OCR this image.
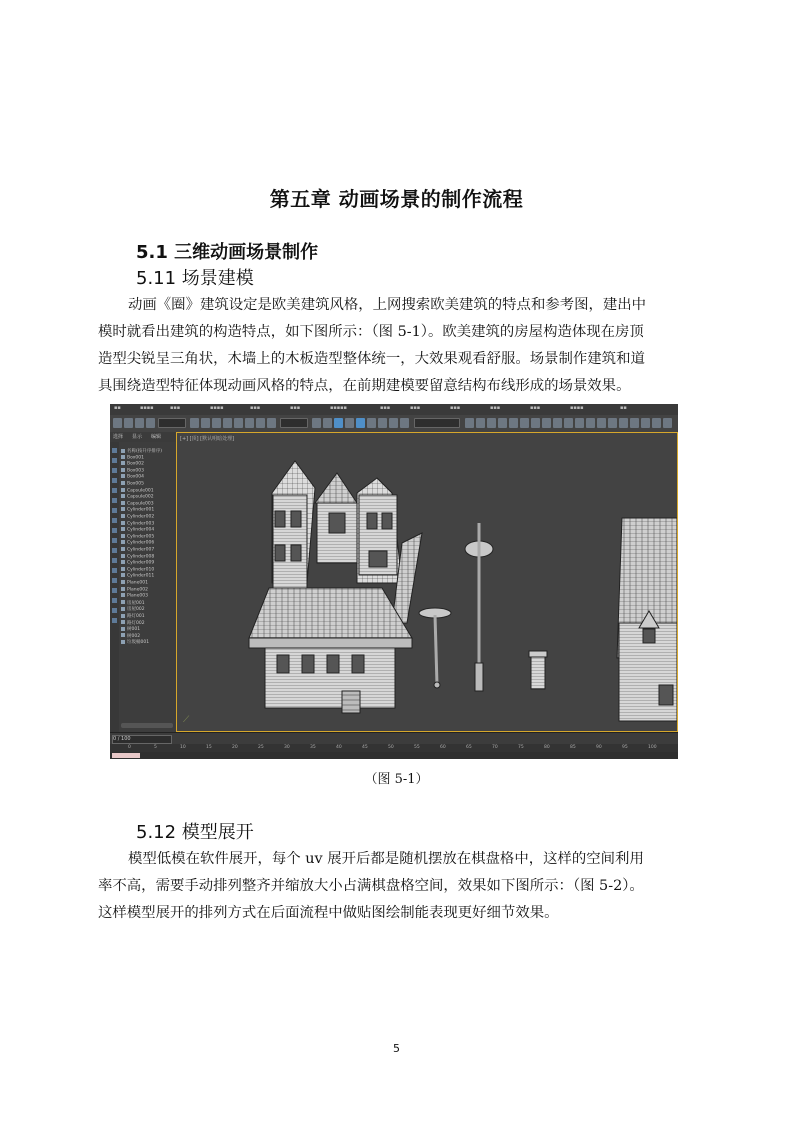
第五章 动画场景的制作流程
5.1 三维动画场景制作
5.11 场景建模

动画《圈》建筑设定是欧美建筑风格，上网搜索欧美建筑的特点和参考图，建出中
模时就看出建筑的构造特点，如下图所示：（图 5-1）。欧美建筑的房屋构造体现在房顶
造型尖锐呈三角状，木墙上的木板造型整体统一，大效果观看舒服。场景制作建筑和道
具围绕造型特征体现动画风格的特点，在前期建模要留意结构布线形成的场景效果。

▪▪	▪▪▪▪	▪▪▪	▪▪▪▪	▪▪▪	▪▪▪	▪▪▪▪▪	▪▪▪	▪▪▪	▪▪▪	▪▪▪	▪▪▪	▪▪▪▪	▪▪
选择 显示 编辑
名称(按升序排序)
Box001
Box002
Box003
Box004
Box005
Capsule001
Capsule002
Capsule003
Cylinder001
Cylinder002
Cylinder003
Cylinder004
Cylinder005
Cylinder006
Cylinder007
Cylinder008
Cylinder009
Cylinder010
Cylinder011
Plane001
Plane002
Plane003
房屋001
房屋002
路灯001
路灯002
树001
树002
垃圾桶001
[+] [顶] [默认明暗处理]
⟋
0 / 100
0	5	10	15	20	25	30	35	40	45	50	55	60	65	70	75	80	85	90	95	100
（图 5-1）
5.12 模型展开

模型低模在软件展开，每个 uv 展开后都是随机摆放在棋盘格中，这样的空间利用
率不高，需要手动排列整齐并缩放大小占满棋盘格空间，效果如下图所示：（图 5-2）。
这样模型展开的排列方式在后面流程中做贴图绘制能表现更好细节效果。

5
